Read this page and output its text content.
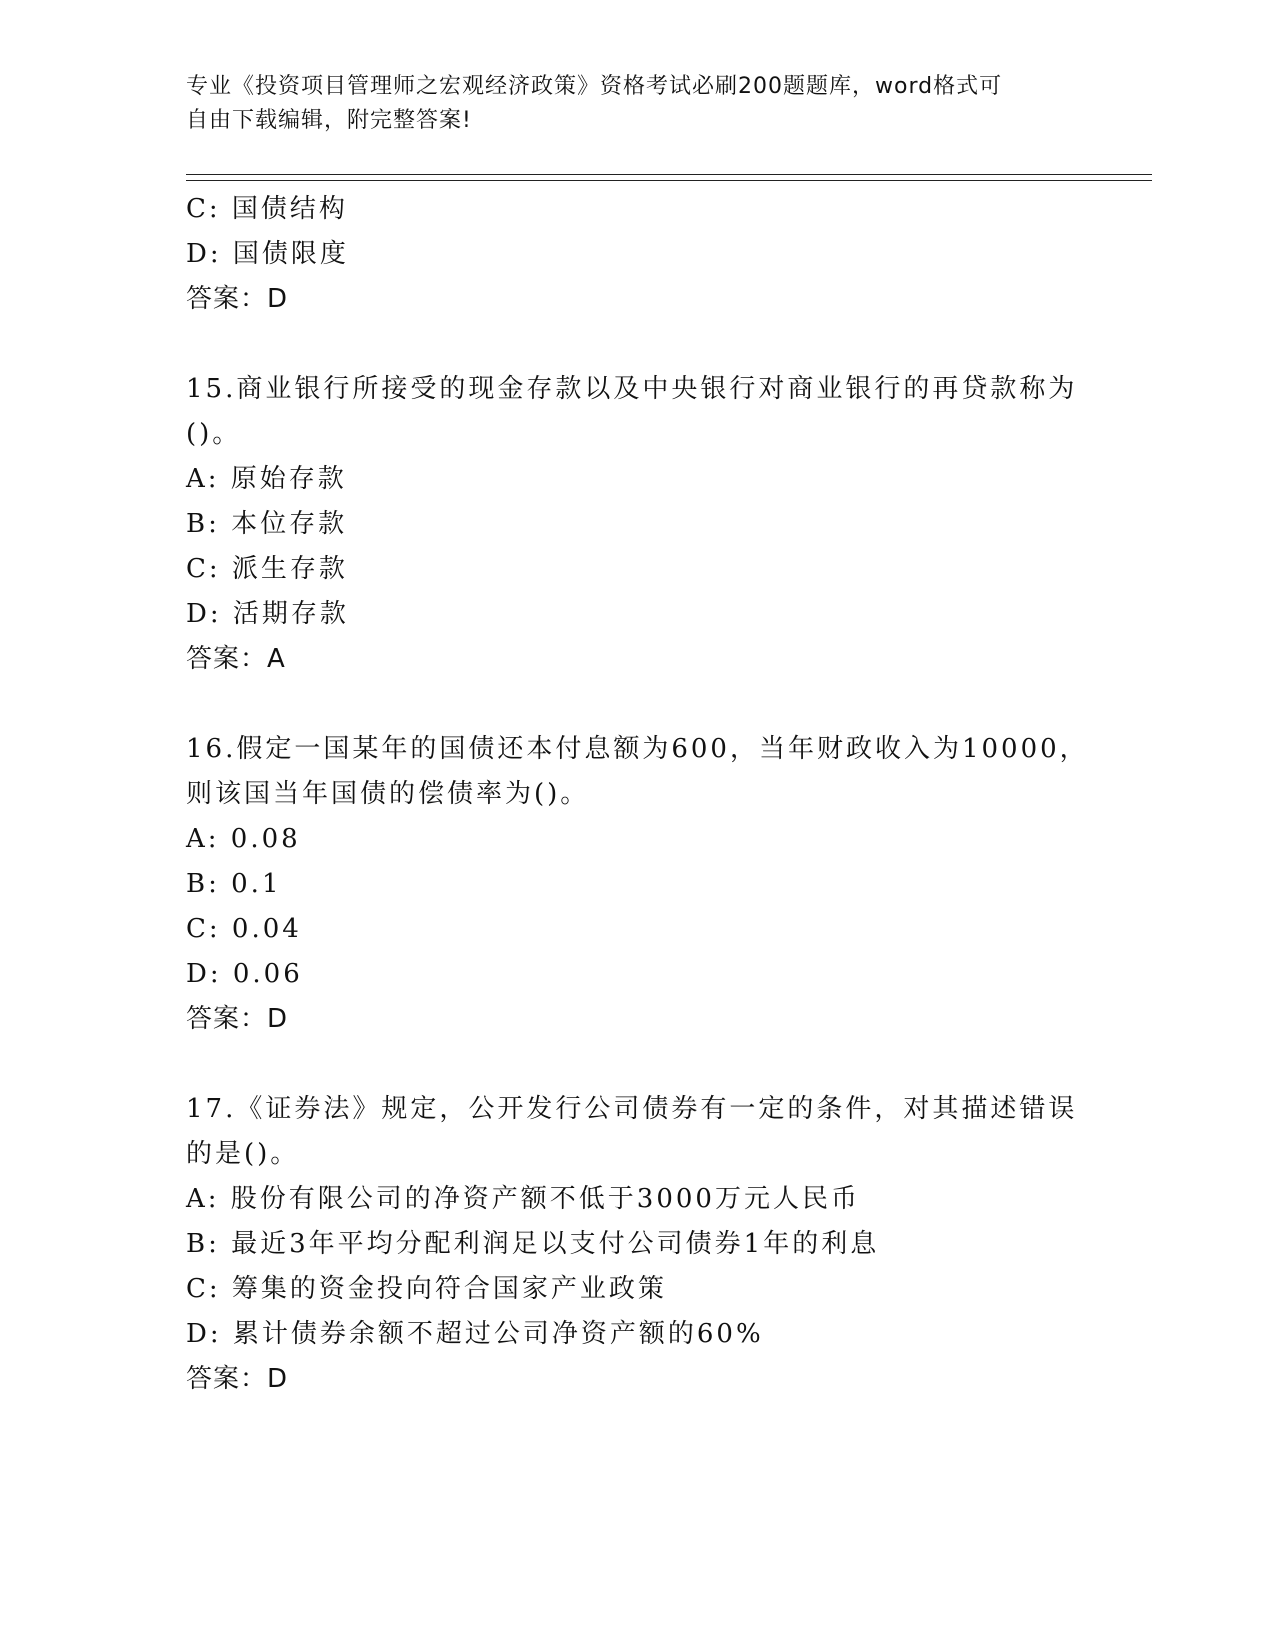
专业《投资项目管理师之宏观经济政策》资格考试必刷200题题库，word格式可
自由下载编辑，附完整答案!
C: 国债结构
D: 国债限度
答案：D
15.商业银行所接受的现金存款以及中央银行对商业银行的再贷款称为
()。
A: 原始存款
B: 本位存款
C: 派生存款
D: 活期存款
答案：A
16.假定一国某年的国债还本付息额为600，当年财政收入为10000，
则该国当年国债的偿债率为()。
A: 0.08
B: 0.1
C: 0.04
D: 0.06
答案：D
17.《证券法》规定，公开发行公司债券有一定的条件，对其描述错误
的是()。
A: 股份有限公司的净资产额不低于3000万元人民币
B: 最近3年平均分配利润足以支付公司债券1年的利息
C: 筹集的资金投向符合国家产业政策
D: 累计债券余额不超过公司净资产额的60%
答案：D
